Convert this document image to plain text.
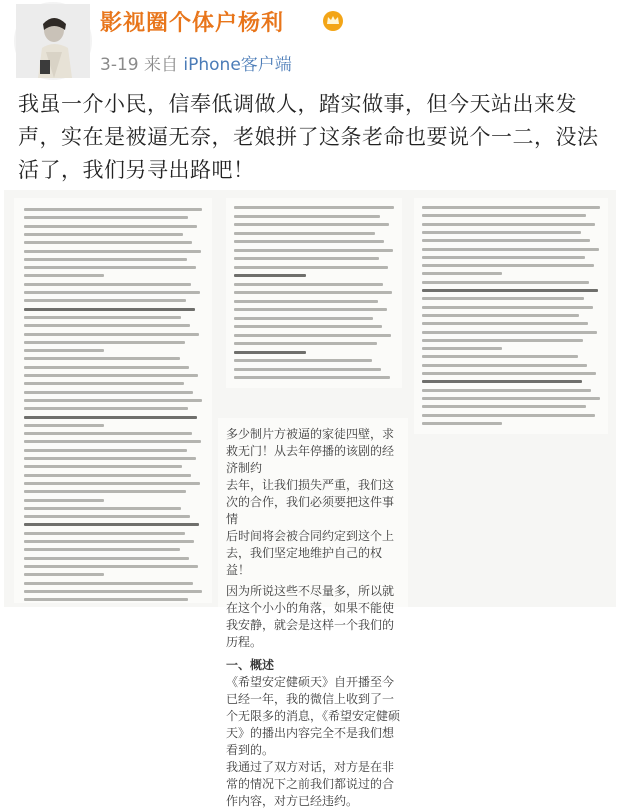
影视圈个体户杨利
3-19 来自 iPhone客户端
我虽一介小民，信奉低调做人，踏实做事，但今天站出来发声，实在是被逼无奈，老娘拼了这条老命也要说个一二，没法活了，我们另寻出路吧！
多少制片方被逼的家徒四壁，求救无门！从去年停播的该剧的经济制约
去年，让我们损失严重，我们这次的合作，我们必须要把这件事情
后时间将会被合同约定到这个上去，我们坚定地维护自己的权益！
因为所说这些不尽量多，所以就在这个小小的角落，如果不能使我安静，就会是这样一个我们的历程。
一、概述
《希望安定健硕天》自开播至今已经一年，我的微信上收到了一个无限多的消息，《希望安定健硕天》的播出内容完全不是我们想看到的。
我通过了双方对话，对方是在非常的情况下之前我们都说过的合作内容，对方已经违约。
